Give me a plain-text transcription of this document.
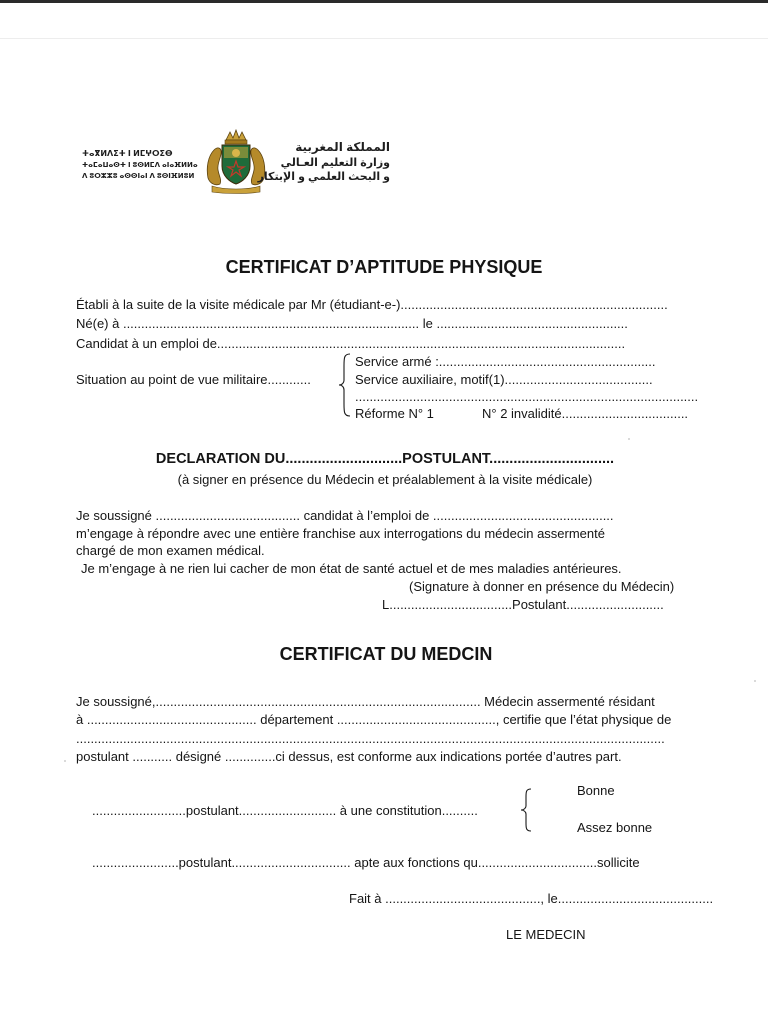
ⵜⴰⴳⵍⴷⵉⵜ ⵏ ⵍⵎⵖⵔⵉⴱ
ⵜⴰⵎⴰⵡⴰⵙⵜ ⵏ ⵓⵙⵍⵎⴷ ⴰⵏⴰⴼⵍⵍⴰ
ⴷ ⵓⵔⵣⵣⵓ ⴰⵙⵙⵏⴰⵏ ⴷ ⵓⵙⵏⴼⵍⵓⵍ
المملكة المغربية
وزارة التعليم العـالي
و البحث العلمي و الإبتكار
CERTIFICAT D’APTITUDE PHYSIQUE
Établi à la suite de la visite médicale par Mr (étudiant-e-)..........................................................................
Né(e) à .................................................................................. le .....................................................
Candidat à un emploi de.................................................................................................................
Situation au point de vue militaire............
Service armé :............................................................
Service auxiliaire, motif(1).........................................
...............................................................................................
Réforme N° 1	N° 2 invalidité...................................
DECLARATION DU.............................POSTULANT...............................
(à signer en présence du Médecin et préalablement à la visite médicale)
Je soussigné ........................................ candidat à l’emploi de ..................................................
m’engage à répondre avec une entière franchise aux interrogations du médecin assermenté
chargé de mon examen médical.
Je m’engage à ne rien lui cacher de mon état de santé actuel et de mes maladies antérieures.
(Signature à donner en présence du Médecin)
L..................................Postulant...........................
CERTIFICAT DU MEDCIN
Je soussigné,.......................................................................................... Médecin assermenté résidant
à ............................................... département ............................................, certifie que l’état physique de
...................................................................................................................................................................
postulant ........... désigné ..............ci dessus, est conforme aux indications portée d’autres part.
..........................postulant........................... à une constitution..........
Bonne
Assez bonne
........................postulant................................. apte aux fonctions qu.................................sollicite
Fait à ..........................................., le...........................................
LE MEDECIN
